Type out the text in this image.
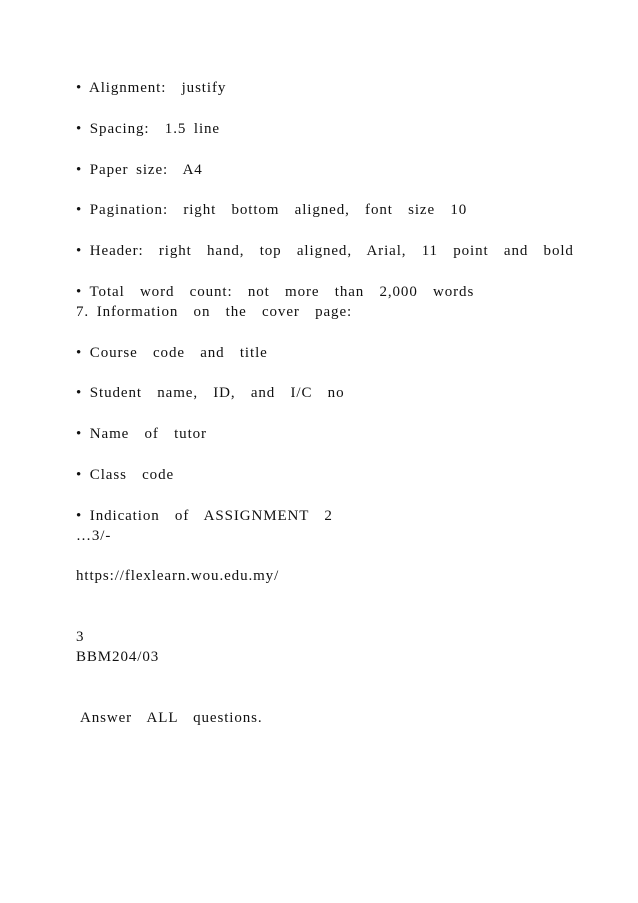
• Alignment:  justify
• Spacing:  1.5 line
• Paper size:  A4
• Pagination:  right  bottom  aligned,  font  size  10
• Header:  right  hand,  top  aligned,  Arial,  11  point  and  bold
• Total  word  count:  not  more  than  2,000  words
7. Information  on  the  cover  page:
• Course  code  and  title
• Student  name,  ID,  and  I/C  no
• Name  of  tutor
• Class  code
• Indication  of  ASSIGNMENT  2
…3/-
https://flexlearn.wou.edu.my/
3
BBM204/03
Answer  ALL  questions.
